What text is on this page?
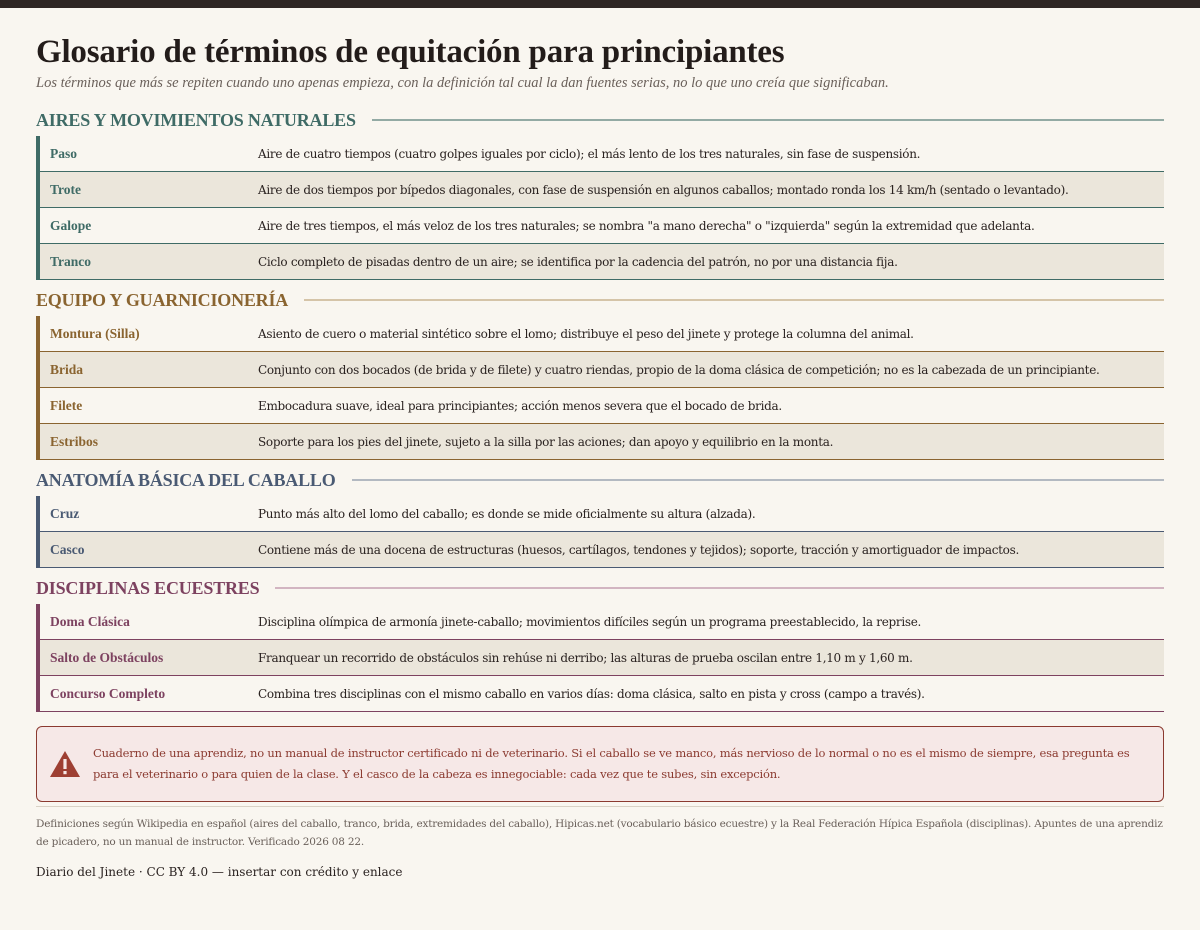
Glosario de términos de equitación para principiantes
Los términos que más se repiten cuando uno apenas empieza, con la definición tal cual la dan fuentes serias, no lo que uno creía que significaban.
AIRES Y MOVIMIENTOS NATURALES
Paso	Aire de cuatro tiempos (cuatro golpes iguales por ciclo); el más lento de los tres naturales, sin fase de suspensión.
Trote	Aire de dos tiempos por bípedos diagonales, con fase de suspensión en algunos caballos; montado ronda los 14 km/h (sentado o levantado).
Galope	Aire de tres tiempos, el más veloz de los tres naturales; se nombra "a mano derecha" o "izquierda" según la extremidad que adelanta.
Tranco	Ciclo completo de pisadas dentro de un aire; se identifica por la cadencia del patrón, no por una distancia fija.
EQUIPO Y GUARNICIONERÍA
Montura (Silla)	Asiento de cuero o material sintético sobre el lomo; distribuye el peso del jinete y protege la columna del animal.
Brida	Conjunto con dos bocados (de brida y de filete) y cuatro riendas, propio de la doma clásica de competición; no es la cabezada de un principiante.
Filete	Embocadura suave, ideal para principiantes; acción menos severa que el bocado de brida.
Estribos	Soporte para los pies del jinete, sujeto a la silla por las aciones; dan apoyo y equilibrio en la monta.
ANATOMÍA BÁSICA DEL CABALLO
Cruz	Punto más alto del lomo del caballo; es donde se mide oficialmente su altura (alzada).
Casco	Contiene más de una docena de estructuras (huesos, cartílagos, tendones y tejidos); soporte, tracción y amortiguador de impactos.
DISCIPLINAS ECUESTRES
Doma Clásica	Disciplina olímpica de armonía jinete-caballo; movimientos difíciles según un programa preestablecido, la reprise.
Salto de Obstáculos	Franquear un recorrido de obstáculos sin rehúse ni derribo; las alturas de prueba oscilan entre 1,10 m y 1,60 m.
Concurso Completo	Combina tres disciplinas con el mismo caballo en varios días: doma clásica, salto en pista y cross (campo a través).
Cuaderno de una aprendiz, no un manual de instructor certificado ni de veterinario. Si el caballo se ve manco, más nervioso de lo normal o no es el mismo de siempre, esa pregunta es para el veterinario o para quien de la clase. Y el casco de la cabeza es innegociable: cada vez que te subes, sin excepción.
Definiciones según Wikipedia en español (aires del caballo, tranco, brida, extremidades del caballo), Hipicas.net (vocabulario básico ecuestre) y la Real Federación Hípica Española (disciplinas). Apuntes de una aprendiz de picadero, no un manual de instructor. Verificado 2026 08 22.
Diario del Jinete · CC BY 4.0 — insertar con crédito y enlace
